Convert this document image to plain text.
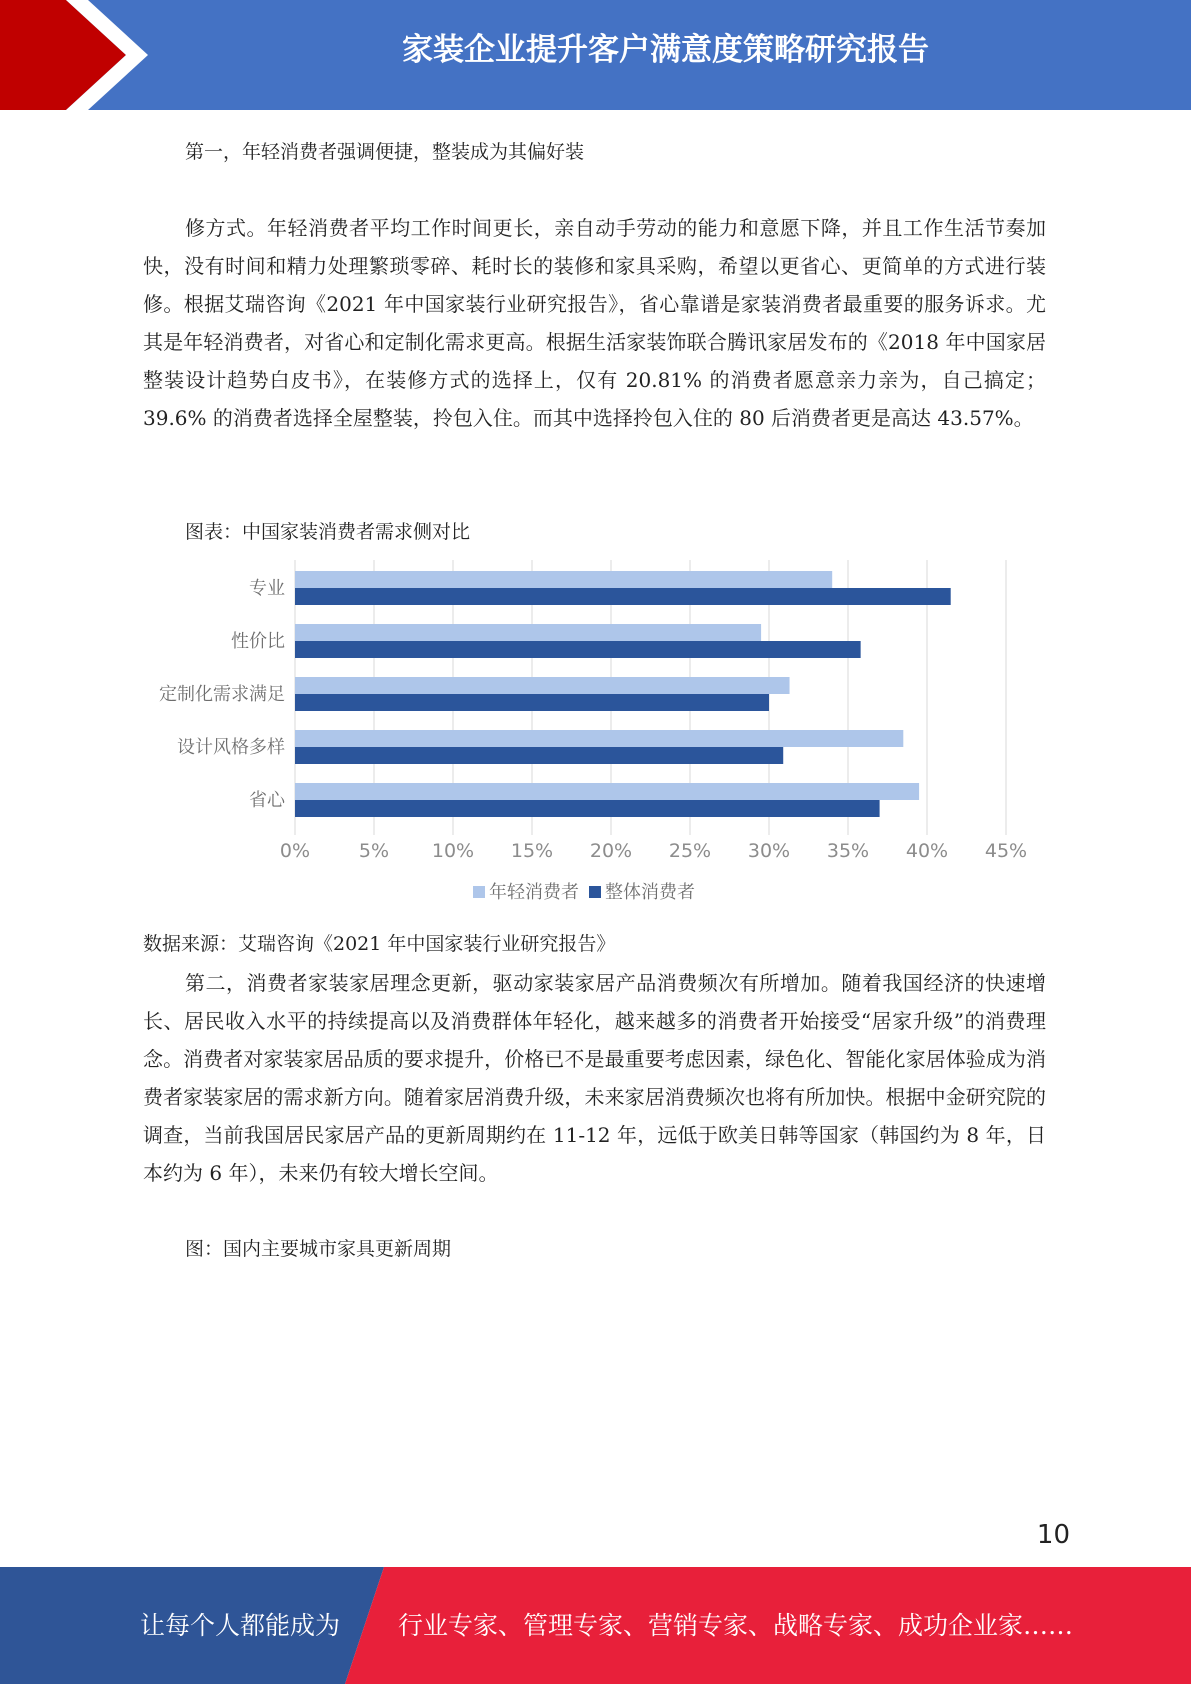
家装企业提升客户满意度策略研究报告
第一，年轻消费者强调便捷，整装成为其偏好装

修方式。年轻消费者平均工作时间更长，亲自动手劳动的能力和意愿下降，并且工作生活节奏加快，没有时间和精力处理繁琐零碎、耗时长的装修和家具采购，希望以更省心、更简单的方式进行装修。根据艾瑞咨询《2021 年中国家装行业研究报告》，省心靠谱是家装消费者最重要的服务诉求。尤其是年轻消费者，对省心和定制化需求更高。根据生活家装饰联合腾讯家居发布的《2018 年中国家居整装设计趋势白皮书》，在装修方式的选择上，仅有 20.81% 的消费者愿意亲力亲为，自己搞定；39.6% 的消费者选择全屋整装，拎包入住。而其中选择拎包入住的 80 后消费者更是高达 43.57%。

图表：中国家装消费者需求侧对比
0%	5% 10% 15% 20% 25% 30% 35% 40% 45%
专业
性价比
定制化需求满足
设计风格多样
省心
年轻消费者 整体消费者
数据来源：艾瑞咨询《2021 年中国家装行业研究报告》

第二，消费者家装家居理念更新，驱动家装家居产品消费频次有所增加。随着我国经济的快速增长、居民收入水平的持续提高以及消费群体年轻化，越来越多的消费者开始接受“居家升级”的消费理念。消费者对家装家居品质的要求提升，价格已不是最重要考虑因素，绿色化、智能化家居体验成为消费者家装家居的需求新方向。随着家居消费升级，未来家居消费频次也将有所加快。根据中金研究院的调查，当前我国居民家居产品的更新周期约在 11-12 年，远低于欧美日韩等国家（韩国约为 8 年，日本约为 6 年），未来仍有较大增长空间。

图：国内主要城市家具更新周期
10
让每个人都能成为 行业专家、管理专家、营销专家、战略专家、成功企业家……
